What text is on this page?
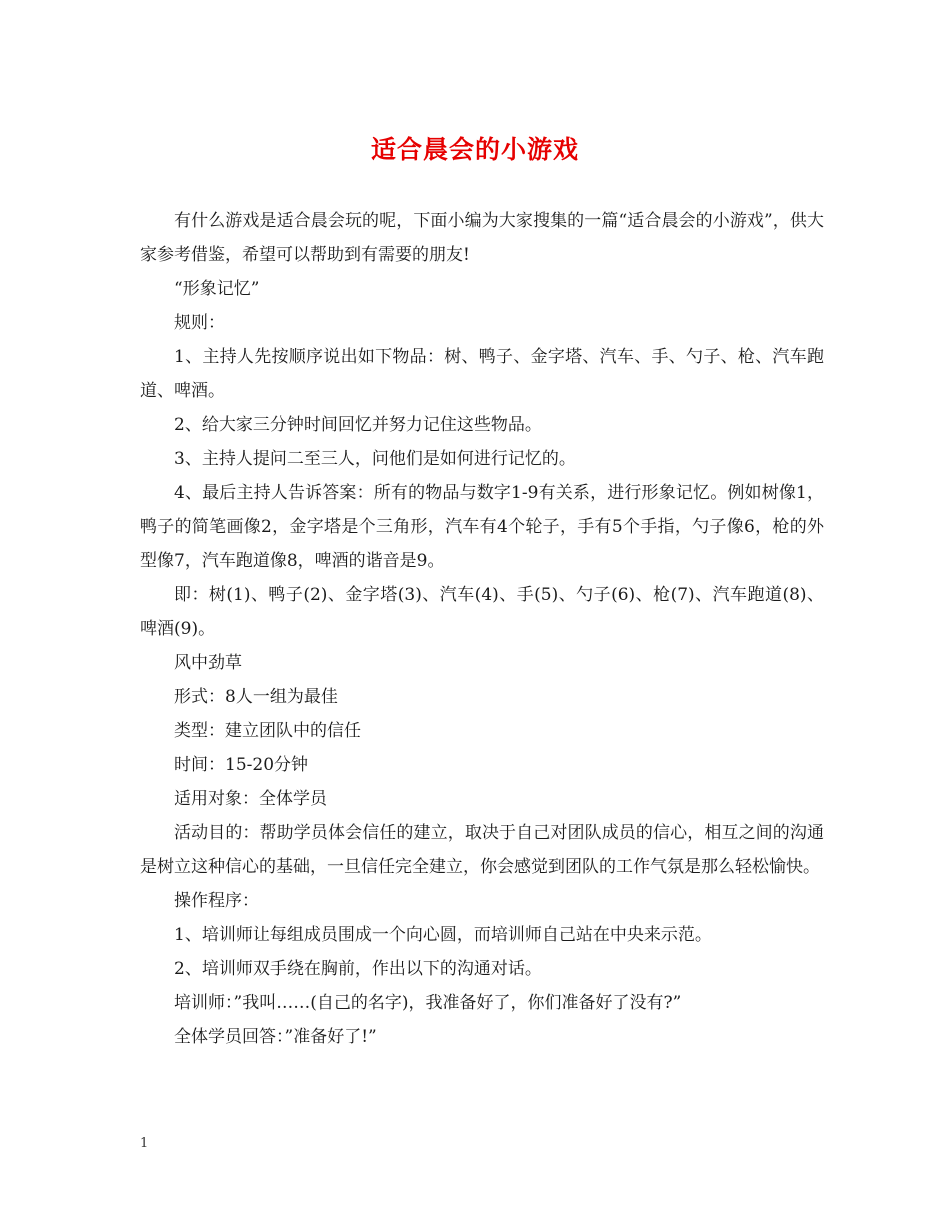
适合晨会的小游戏

有什么游戏是适合晨会玩的呢，下面小编为大家搜集的一篇“适合晨会的小游戏”，供大家参考借鉴，希望可以帮助到有需要的朋友!

“形象记忆”

规则：

1、主持人先按顺序说出如下物品：树、鸭子、金字塔、汽车、手、勺子、枪、汽车跑道、啤酒。

2、给大家三分钟时间回忆并努力记住这些物品。

3、主持人提问二至三人，问他们是如何进行记忆的。

4、最后主持人告诉答案：所有的物品与数字1-9有关系，进行形象记忆。例如树像1，鸭子的简笔画像2，金字塔是个三角形，汽车有4个轮子，手有5个手指，勺子像6，枪的外型像7，汽车跑道像8，啤酒的谐音是9。

即：树(1)、鸭子(2)、金字塔(3)、汽车(4)、手(5)、勺子(6)、枪(7)、汽车跑道(8)、啤酒(9)。

风中劲草

形式：8人一组为最佳

类型：建立团队中的信任

时间：15-20分钟

适用对象：全体学员

活动目的：帮助学员体会信任的建立，取决于自己对团队成员的信心，相互之间的沟通是树立这种信心的基础，一旦信任完全建立，你会感觉到团队的工作气氛是那么轻松愉快。

操作程序：

1、培训师让每组成员围成一个向心圆，而培训师自己站在中央来示范。

2、培训师双手绕在胸前，作出以下的沟通对话。

培训师：”我叫……(自己的名字)，我准备好了，你们准备好了没有?”

全体学员回答：”准备好了!”

1
